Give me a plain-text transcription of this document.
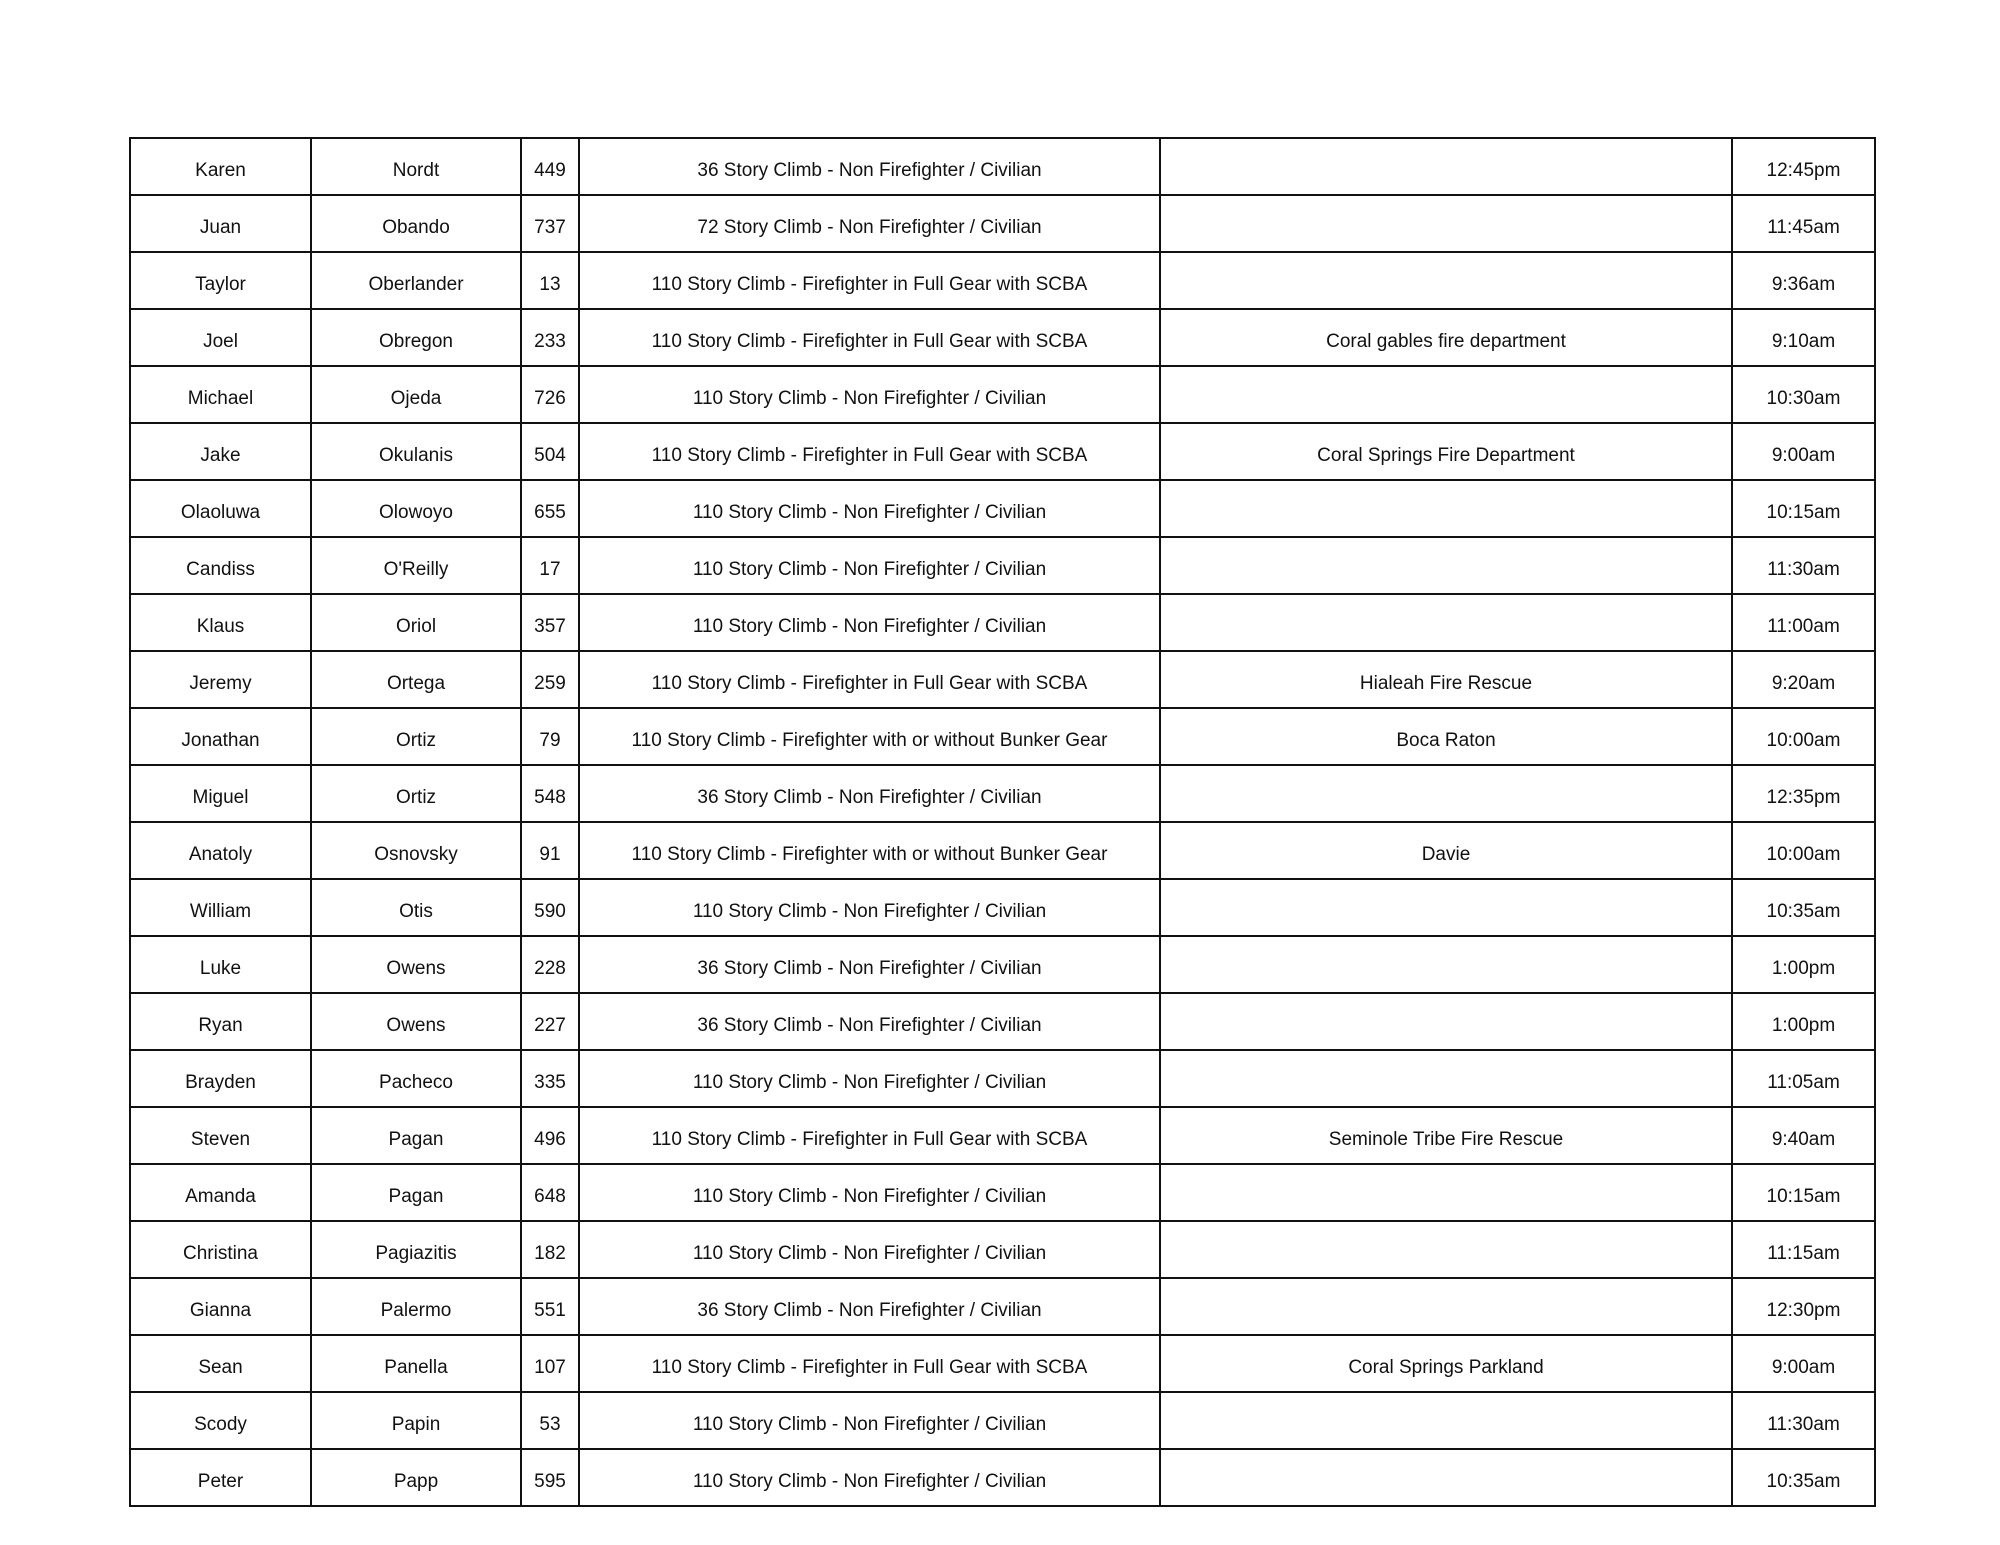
Karen	Nordt	449	36 Story Climb - Non Firefighter / Civilian		12:45pm
Juan	Obando	737	72 Story Climb - Non Firefighter / Civilian		11:45am
Taylor	Oberlander	13	110 Story Climb - Firefighter in Full Gear with SCBA		9:36am
Joel	Obregon	233	110 Story Climb - Firefighter in Full Gear with SCBA	Coral gables fire department	9:10am
Michael	Ojeda	726	110 Story Climb - Non Firefighter / Civilian		10:30am
Jake	Okulanis	504	110 Story Climb - Firefighter in Full Gear with SCBA	Coral Springs Fire Department	9:00am
Olaoluwa	Olowoyo	655	110 Story Climb - Non Firefighter / Civilian		10:15am
Candiss	O'Reilly	17	110 Story Climb - Non Firefighter / Civilian		11:30am
Klaus	Oriol	357	110 Story Climb - Non Firefighter / Civilian		11:00am
Jeremy	Ortega	259	110 Story Climb - Firefighter in Full Gear with SCBA	Hialeah Fire Rescue	9:20am
Jonathan	Ortiz	79	110 Story Climb - Firefighter with or without Bunker Gear	Boca Raton	10:00am
Miguel	Ortiz	548	36 Story Climb - Non Firefighter / Civilian		12:35pm
Anatoly	Osnovsky	91	110 Story Climb - Firefighter with or without Bunker Gear	Davie	10:00am
William	Otis	590	110 Story Climb - Non Firefighter / Civilian		10:35am
Luke	Owens	228	36 Story Climb - Non Firefighter / Civilian		1:00pm
Ryan	Owens	227	36 Story Climb - Non Firefighter / Civilian		1:00pm
Brayden	Pacheco	335	110 Story Climb - Non Firefighter / Civilian		11:05am
Steven	Pagan	496	110 Story Climb - Firefighter in Full Gear with SCBA	Seminole Tribe Fire Rescue	9:40am
Amanda	Pagan	648	110 Story Climb - Non Firefighter / Civilian		10:15am
Christina	Pagiazitis	182	110 Story Climb - Non Firefighter / Civilian		11:15am
Gianna	Palermo	551	36 Story Climb - Non Firefighter / Civilian		12:30pm
Sean	Panella	107	110 Story Climb - Firefighter in Full Gear with SCBA	Coral Springs Parkland	9:00am
Scody	Papin	53	110 Story Climb - Non Firefighter / Civilian		11:30am
Peter	Papp	595	110 Story Climb - Non Firefighter / Civilian		10:35am
